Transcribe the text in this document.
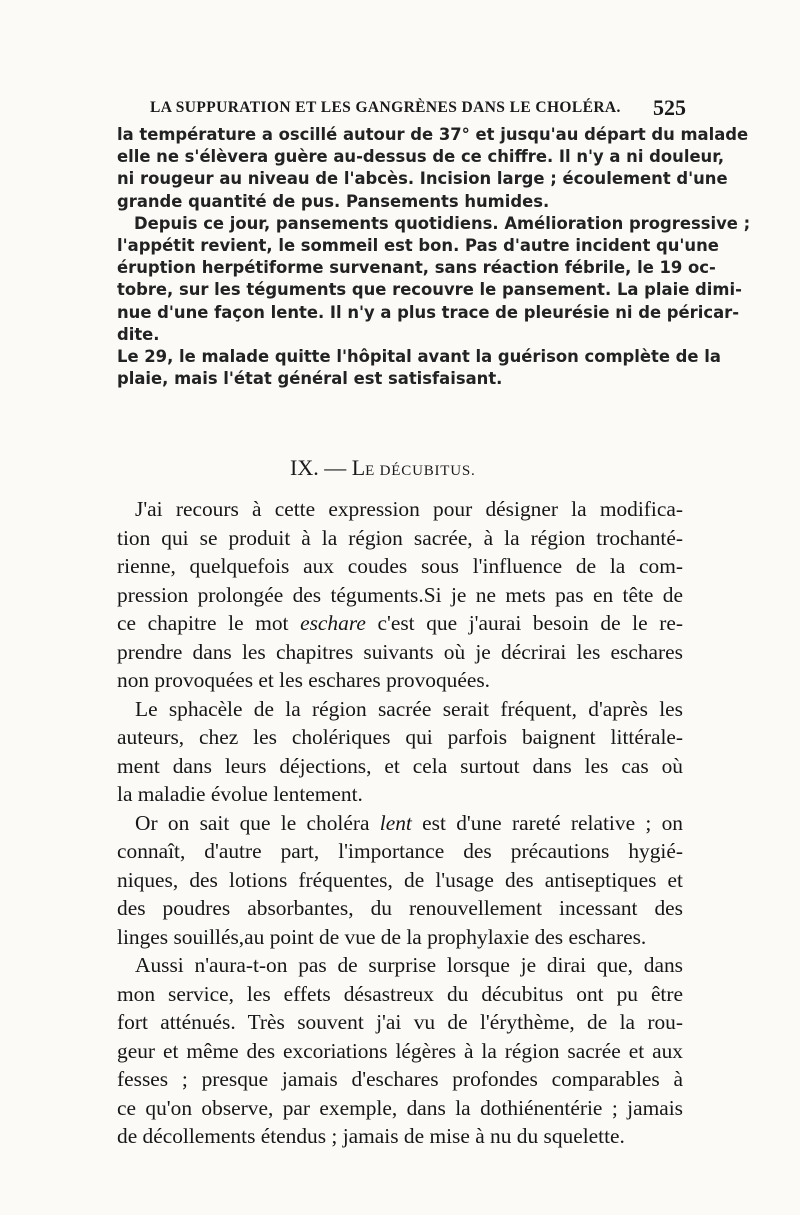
LA SUPPURATION ET LES GANGRÈNES DANS LE CHOLÉRA. 525

la température a oscillé autour de 37° et jusqu'au départ du malade
elle ne s'élèvera guère au-dessus de ce chiffre. Il n'y a ni douleur,
ni rougeur au niveau de l'abcès. Incision large ; écoulement d'une
grande quantité de pus. Pansements humides.

Depuis ce jour, pansements quotidiens. Amélioration progressive ;
l'appétit revient, le sommeil est bon. Pas d'autre incident qu'une
éruption herpétiforme survenant, sans réaction fébrile, le 19 oc-
tobre, sur les téguments que recouvre le pansement. La plaie dimi-
nue d'une façon lente. Il n'y a plus trace de pleurésie ni de péricar-
dite.

Le 29, le malade quitte l'hôpital avant la guérison complète de la
plaie, mais l'état général est satisfaisant.

IX. — LE DÉCUBITUS.

J'ai recours à cette expression pour désigner la modifica-
tion qui se produit à la région sacrée, à la région trochanté-
rienne, quelquefois aux coudes sous l'influence de la com-
pression prolongée des téguments.Si je ne mets pas en tête de
ce chapitre le mot eschare c'est que j'aurai besoin de le re-
prendre dans les chapitres suivants où je décrirai les eschares
non provoquées et les eschares provoquées.

Le sphacèle de la région sacrée serait fréquent, d'après les
auteurs, chez les cholériques qui parfois baignent littérale-
ment dans leurs déjections, et cela surtout dans les cas où
la maladie évolue lentement.

Or on sait que le choléra lent est d'une rareté relative ; on
connaît, d'autre part, l'importance des précautions hygié-
niques, des lotions fréquentes, de l'usage des antiseptiques et
des poudres absorbantes, du renouvellement incessant des
linges souillés,au point de vue de la prophylaxie des eschares.

Aussi n'aura-t-on pas de surprise lorsque je dirai que, dans
mon service, les effets désastreux du décubitus ont pu être
fort atténués. Très souvent j'ai vu de l'érythème, de la rou-
geur et même des excoriations légères à la région sacrée et aux
fesses ; presque jamais d'eschares profondes comparables à
ce qu'on observe, par exemple, dans la dothiénentérie ; jamais
de décollements étendus ; jamais de mise à nu du squelette.
